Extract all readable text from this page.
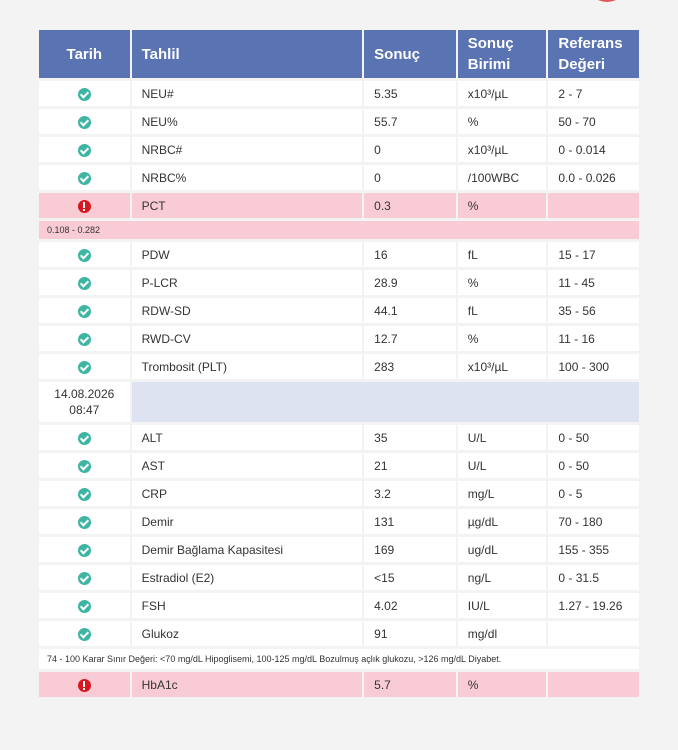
Tarih	Tahlil	Sonuç	Sonuç Birimi	Referans Değeri
	NEU#	5.35	x10³/µL	2 - 7
	NEU%	55.7	%	50 - 70
	NRBC#	0	x10³/µL	0 - 0.014
	NRBC%	0	/100WBC	0.0 - 0.026
	PCT	0.3	%	
0.108 - 0.282				
	PDW	16	fL	15 - 17
	P-LCR	28.9	%	11 - 45
	RDW-SD	44.1	fL	35 - 56
	RWD-CV	12.7	%	11 - 16
	Trombosit (PLT)	283	x10³/µL	100 - 300

14.08.2026
08:47				

	ALT	35	U/L	0 - 50
	AST	21	U/L	0 - 50
	CRP	3.2	mg/L	0 - 5
	Demir	131	µg/dL	70 - 180
	Demir Bağlama Kapasitesi	169	ug/dL	155 - 355
	Estradiol (E2)	<15	ng/L	0 - 31.5
	FSH	4.02	IU/L	1.27 - 19.26
	Glukoz	91	mg/dl	
74 - 100 Karar Sınır Değeri: <70 mg/dL Hipoglisemi, 100-125 mg/dL Bozulmuş açlık glukozu, >126 mg/dL Diyabet.				
	HbA1c	5.7	%	
